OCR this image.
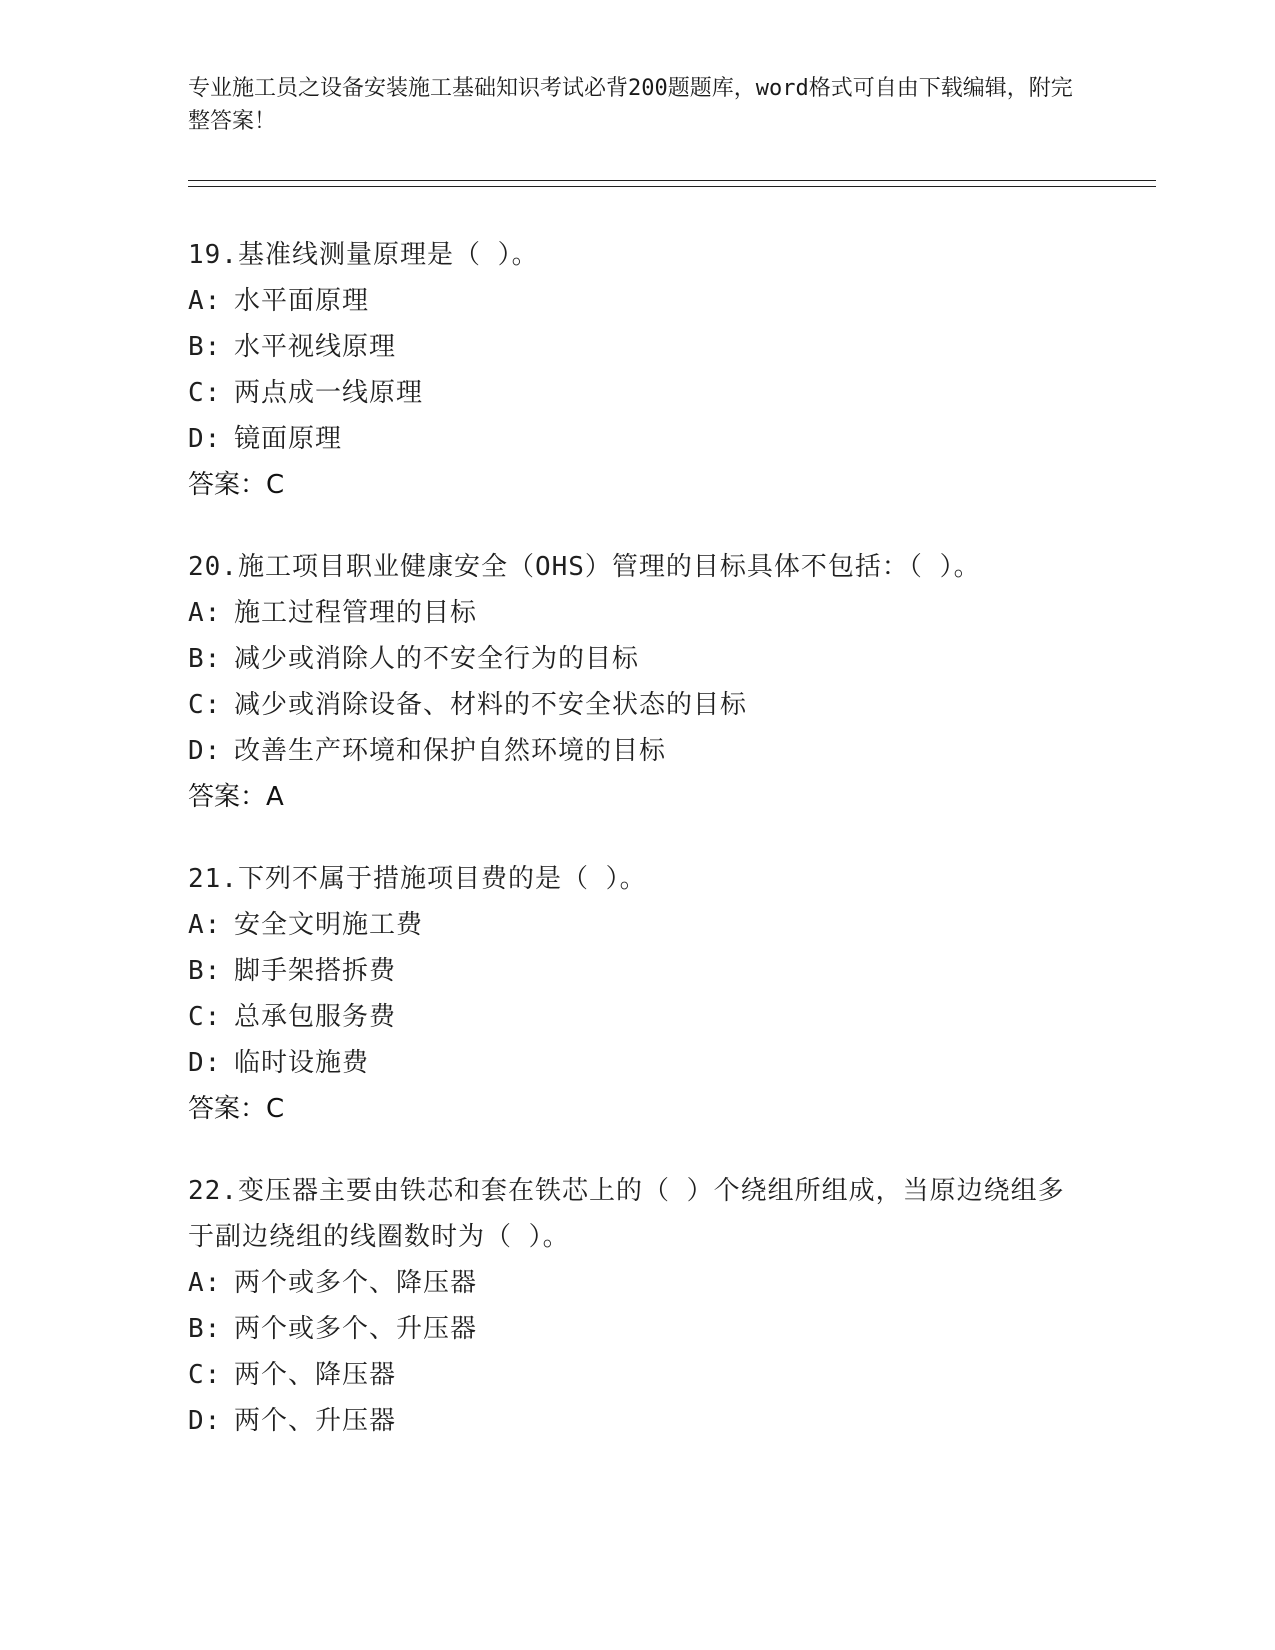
专业施工员之设备安装施工基础知识考试必背200题题库，word格式可自由下载编辑，附完整答案！
19.基准线测量原理是（ ）。
A: 水平面原理
B: 水平视线原理
C: 两点成一线原理
D: 镜面原理
答案：C
20.施工项目职业健康安全（OHS）管理的目标具体不包括：（ ）。
A: 施工过程管理的目标
B: 减少或消除人的不安全行为的目标
C: 减少或消除设备、材料的不安全状态的目标
D: 改善生产环境和保护自然环境的目标
答案：A
21.下列不属于措施项目费的是（ ）。
A: 安全文明施工费
B: 脚手架搭拆费
C: 总承包服务费
D: 临时设施费
答案：C
22.变压器主要由铁芯和套在铁芯上的（ ）个绕组所组成，当原边绕组多于副边绕组的线圈数时为（ ）。
A: 两个或多个、降压器
B: 两个或多个、升压器
C: 两个、降压器
D: 两个、升压器
